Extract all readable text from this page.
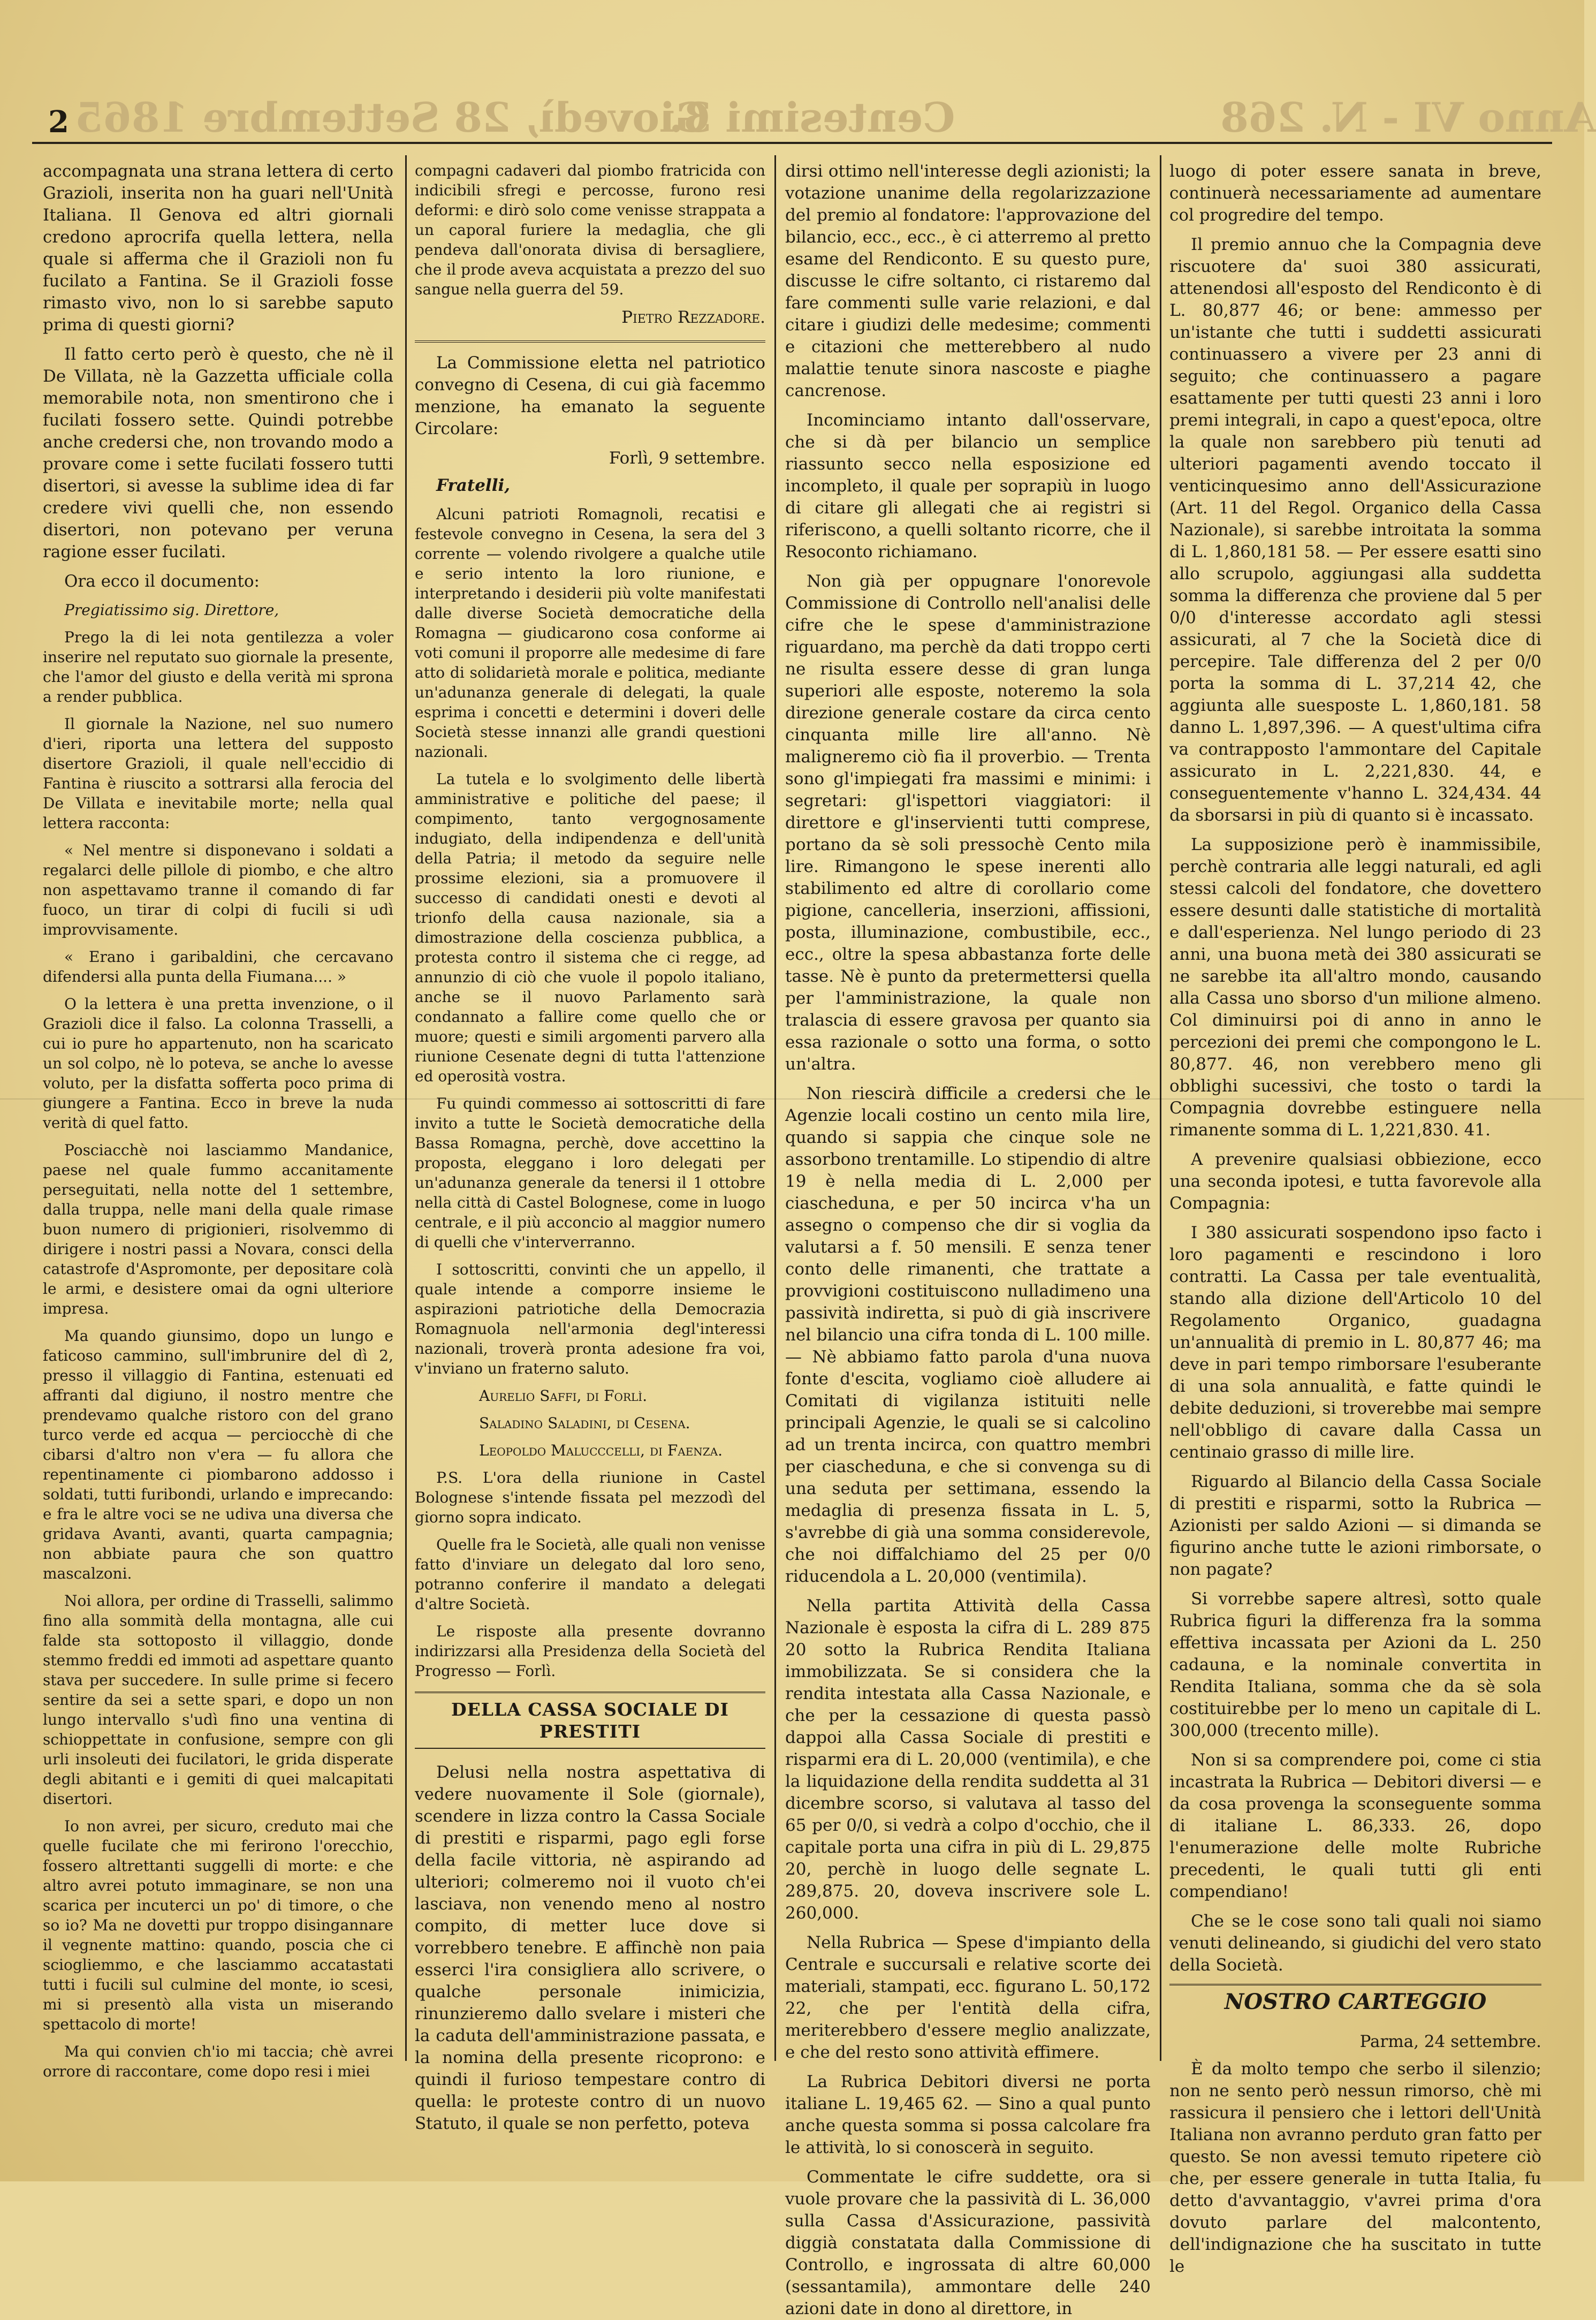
2	Anno VI - N. 268
Centesimi 3.
Giovedì, 28 Settembre 1865

accompagnata una strana lettera di certo Grazioli, inserita non ha guari nell'Unità Italiana. Il Genova ed altri giornali credono aprocrifa quella lettera, nella quale si afferma che il Grazioli non fu fucilato a Fantina. Se il Grazioli fosse rimasto vivo, non lo si sarebbe saputo prima di questi giorni?

Il fatto certo però è questo, che nè il De Villata, nè la Gazzetta ufficiale colla memorabile nota, non smentirono che i fucilati fossero sette. Quindi potrebbe anche credersi che, non trovando modo a provare come i sette fucilati fossero tutti disertori, si avesse la sublime idea di far credere vivi quelli che, non essendo disertori, non potevano per veruna ragione esser fucilati.

Ora ecco il documento:

Pregiatissimo sig. Direttore,

Prego la di lei nota gentilezza a voler inserire nel reputato suo giornale la presente, che l'amor del giusto e della verità mi sprona a render pubblica.

Il giornale la Nazione, nel suo numero d'ieri, riporta una lettera del supposto disertore Grazioli, il quale nell'eccidio di Fantina è riuscito a sottrarsi alla ferocia del De Villata e inevitabile morte; nella qual lettera racconta:

« Nel mentre si disponevano i soldati a regalarci delle pillole di piombo, e che altro non aspettavamo tranne il comando di far fuoco, un tirar di colpi di fucili si udì improvvisamente.

« Erano i garibaldini, che cercavano difendersi alla punta della Fiumana.... »

O la lettera è una pretta invenzione, o il Grazioli dice il falso. La colonna Trasselli, a cui io pure ho appartenuto, non ha scaricato un sol colpo, nè lo poteva, se anche lo avesse voluto, per la disfatta sofferta poco prima di giungere a Fantina. Ecco in breve la nuda verità di quel fatto.

Posciacchè noi lasciammo Mandanice, paese nel quale fummo accanitamente perseguitati, nella notte del 1 settembre, dalla truppa, nelle mani della quale rimase buon numero di prigionieri, risolvemmo di dirigere i nostri passi a Novara, consci della catastrofe d'Aspromonte, per depositare colà le armi, e desistere omai da ogni ulteriore impresa.

Ma quando giunsimo, dopo un lungo e faticoso cammino, sull'imbrunire del dì 2, presso il villaggio di Fantina, estenuati ed affranti dal digiuno, il nostro mentre che prendevamo qualche ristoro con del grano turco verde ed acqua — perciocchè di che cibarsi d'altro non v'era — fu allora che repentinamente ci piombarono addosso i soldati, tutti furibondi, urlando e imprecando: e fra le altre voci se ne udiva una diversa che gridava Avanti, avanti, quarta campagnia; non abbiate paura che son quattro mascalzoni.

Noi allora, per ordine di Trasselli, salimmo fino alla sommità della montagna, alle cui falde sta sottoposto il villaggio, donde stemmo freddi ed immoti ad aspettare quanto stava per succedere. In sulle prime si fecero sentire da sei a sette spari, e dopo un non lungo intervallo s'udì fino una ventina di schioppettate in confusione, sempre con gli urli insoleuti dei fucilatori, le grida disperate degli abitanti e i gemiti di quei malcapitati disertori.

Io non avrei, per sicuro, creduto mai che quelle fucilate che mi ferirono l'orecchio, fossero altrettanti suggelli di morte: e che altro avrei potuto immaginare, se non una scarica per incuterci un po' di timore, o che so io? Ma ne dovetti pur troppo disingannare il vegnente mattino: quando, poscia che ci sciogliemmo, e che lasciammo accatastati tutti i fucili sul culmine del monte, io scesi, mi si presentò alla vista un miserando spettacolo di morte!

Ma qui convien ch'io mi taccia; chè avrei orrore di raccontare, come dopo resi i miei

compagni cadaveri dal piombo fratricida con indicibili sfregi e percosse, furono resi deformi: e dirò solo come venisse strappata a un caporal furiere la medaglia, che gli pendeva dall'onorata divisa di bersagliere, che il prode aveva acquistata a prezzo del suo sangue nella guerra del 59.

Pietro Rezzadore.

La Commissione eletta nel patriotico convegno di Cesena, di cui già facemmo menzione, ha emanato la seguente Circolare:

Forlì, 9 settembre.

Fratelli,

Alcuni patrioti Romagnoli, recatisi e festevole convegno in Cesena, la sera del 3 corrente — volendo rivolgere a qualche utile e serio intento la loro riunione, e interpretando i desiderii più volte manifestati dalle diverse Società democratiche della Romagna — giudicarono cosa conforme ai voti comuni il proporre alle medesime di fare atto di solidarietà morale e politica, mediante un'adunanza generale di delegati, la quale esprima i concetti e determini i doveri delle Società stesse innanzi alle grandi questioni nazionali.

La tutela e lo svolgimento delle libertà amministrative e politiche del paese; il compimento, tanto vergognosamente indugiato, della indipendenza e dell'unità della Patria; il metodo da seguire nelle prossime elezioni, sia a promuovere il successo di candidati onesti e devoti al trionfo della causa nazionale, sia a dimostrazione della coscienza pubblica, a protesta contro il sistema che ci regge, ad annunzio di ciò che vuole il popolo italiano, anche se il nuovo Parlamento sarà condannato a fallire come quello che or muore; questi e simili argomenti parvero alla riunione Cesenate degni di tutta l'attenzione ed operosità vostra.

Fu quindi commesso ai sottoscritti di fare invito a tutte le Società democratiche della Bassa Romagna, perchè, dove accettino la proposta, eleggano i loro delegati per un'adunanza generale da tenersi il 1 ottobre nella città di Castel Bolognese, come in luogo centrale, e il più acconcio al maggior numero di quelli che v'interverranno.

I sottoscritti, convinti che un appello, il quale intende a comporre insieme le aspirazioni patriotiche della Democrazia Romagnuola nell'armonia degl'interessi nazionali, troverà pronta adesione fra voi, v'inviano un fraterno saluto.

Aurelio Saffi, di Forlì.

Saladino Saladini, di Cesena.

Leopoldo Malucccelli, di Faenza.

P.S. L'ora della riunione in Castel Bolognese s'intende fissata pel mezzodì del giorno sopra indicato.

Quelle fra le Società, alle quali non venisse fatto d'inviare un delegato dal loro seno, potranno conferire il mandato a delegati d'altre Società.

Le risposte alla presente dovranno indirizzarsi alla Presidenza della Società del Progresso — Forlì.

DELLA CASSA SOCIALE DI PRESTITI

Delusi nella nostra aspettativa di vedere nuovamente il Sole (giornale), scendere in lizza contro la Cassa Sociale di prestiti e risparmi, pago egli forse della facile vittoria, nè aspirando ad ulteriori; colmeremo noi il vuoto ch'ei lasciava, non venendo meno al nostro compito, di metter luce dove si vorrebbero tenebre. E affinchè non paia esserci l'ira consigliera allo scrivere, o qualche personale inimicizia, rinunzieremo dallo svelare i misteri che la caduta dell'amministrazione passata, e la nomina della presente ricoprono: e quindi il furioso tempestare contro di quella: le proteste contro di un nuovo Statuto, il quale se non perfetto, poteva

dirsi ottimo nell'interesse degli azionisti; la votazione unanime della regolarizzazione del premio al fondatore: l'approvazione del bilancio, ecc., ecc., è ci atterremo al pretto esame del Rendiconto. E su questo pure, discusse le cifre soltanto, ci ristaremo dal fare commenti sulle varie relazioni, e dal citare i giudizi delle medesime; commenti e citazioni che metterebbero al nudo malattie tenute sinora nascoste e piaghe cancrenose.

Incominciamo intanto dall'osservare, che si dà per bilancio un semplice riassunto secco nella esposizione ed incompleto, il quale per soprapiù in luogo di citare gli allegati che ai registri si riferiscono, a quelli soltanto ricorre, che il Resoconto richiamano.

Non già per oppugnare l'onorevole Commissione di Controllo nell'analisi delle cifre che le spese d'amministrazione riguardano, ma perchè da dati troppo certi ne risulta essere desse di gran lunga superiori alle esposte, noteremo la sola direzione generale costare da circa cento cinquanta mille lire all'anno. Nè maligneremo ciò fia il proverbio. — Trenta sono gl'impiegati fra massimi e minimi: i segretari: gl'ispettori viaggiatori: il direttore e gl'inservienti tutti comprese, portano da sè soli pressochè Cento mila lire. Rimangono le spese inerenti allo stabilimento ed altre di corollario come pigione, cancelleria, inserzioni, affissioni, posta, illuminazione, combustibile, ecc., ecc., oltre la spesa abbastanza forte delle tasse. Nè è punto da pretermettersi quella per l'amministrazione, la quale non tralascia di essere gravosa per quanto sia essa razionale o sotto una forma, o sotto un'altra.

Non riescirà difficile a credersi che le Agenzie locali costino un cento mila lire, quando si sappia che cinque sole ne assorbono trentamille. Lo stipendio di altre 19 è nella media di L. 2,000 per ciascheduna, e per 50 incirca v'ha un assegno o compenso che dir si voglia da valutarsi a f. 50 mensili. E senza tener conto delle rimanenti, che trattate a provvigioni costituiscono nulladimeno una passività indiretta, si può di già inscrivere nel bilancio una cifra tonda di L. 100 mille. — Nè abbiamo fatto parola d'una nuova fonte d'escita, vogliamo cioè alludere ai Comitati di vigilanza istituiti nelle principali Agenzie, le quali se si calcolino ad un trenta incirca, con quattro membri per ciascheduna, e che si convenga su di una seduta per settimana, essendo la medaglia di presenza fissata in L. 5, s'avrebbe di già una somma considerevole, che noi diffalchiamo del 25 per 0/0 riducendola a L. 20,000 (ventimila).

Nella partita Attività della Cassa Nazionale è esposta la cifra di L. 289 875 20 sotto la Rubrica Rendita Italiana immobilizzata. Se si considera che la rendita intestata alla Cassa Nazionale, e che per la cessazione di questa passò dappoi alla Cassa Sociale di prestiti e risparmi era di L. 20,000 (ventimila), e che la liquidazione della rendita suddetta al 31 dicembre scorso, si valutava al tasso del 65 per 0/0, si vedrà a colpo d'occhio, che il capitale porta una cifra in più di L. 29,875 20, perchè in luogo delle segnate L. 289,875. 20, doveva inscrivere sole L. 260,000.

Nella Rubrica — Spese d'impianto della Centrale e succursali e relative scorte dei materiali, stampati, ecc. figurano L. 50,172 22, che per l'entità della cifra, meriterebbero d'essere meglio analizzate, e che del resto sono attività effimere.

La Rubrica Debitori diversi ne porta italiane L. 19,465 62. — Sino a qual punto anche questa somma si possa calcolare fra le attività, lo si conoscerà in seguito.

Commentate le cifre suddette, ora si vuole provare che la passività di L. 36,000 sulla Cassa d'Assicurazione, passività diggià constatata dalla Commissione di Controllo, e ingrossata di altre 60,000 (sessantamila), ammontare delle 240 azioni date in dono al direttore, in

luogo di poter essere sanata in breve, continuerà necessariamente ad aumentare col progredire del tempo.

Il premio annuo che la Compagnia deve riscuotere da' suoi 380 assicurati, attenendosi all'esposto del Rendiconto è di L. 80,877 46; or bene: ammesso per un'istante che tutti i suddetti assicurati continuassero a vivere per 23 anni di seguito; che continuassero a pagare esattamente per tutti questi 23 anni i loro premi integrali, in capo a quest'epoca, oltre la quale non sarebbero più tenuti ad ulteriori pagamenti avendo toccato il venticinquesimo anno dell'Assicurazione (Art. 11 del Regol. Organico della Cassa Nazionale), si sarebbe introitata la somma di L. 1,860,181 58. — Per essere esatti sino allo scrupolo, aggiungasi alla suddetta somma la differenza che proviene dal 5 per 0/0 d'interesse accordato agli stessi assicurati, al 7 che la Società dice di percepire. Tale differenza del 2 per 0/0 porta la somma di L. 37,214 42, che aggiunta alle suesposte L. 1,860,181. 58 danno L. 1,897,396. — A quest'ultima cifra va contrapposto l'ammontare del Capitale assicurato in L. 2,221,830. 44, e conseguentemente v'hanno L. 324,434. 44 da sborsarsi in più di quanto si è incassato.

La supposizione però è inammissibile, perchè contraria alle leggi naturali, ed agli stessi calcoli del fondatore, che dovettero essere desunti dalle statistiche di mortalità e dall'esperienza. Nel lungo periodo di 23 anni, una buona metà dei 380 assicurati se ne sarebbe ita all'altro mondo, causando alla Cassa uno sborso d'un milione almeno. Col diminuirsi poi di anno in anno le percezioni dei premi che compongono le L. 80,877. 46, non verebbero meno gli obblighi sucessivi, che tosto o tardi la Compagnia dovrebbe estinguere nella rimanente somma di L. 1,221,830. 41.

A prevenire qualsiasi obbiezione, ecco una seconda ipotesi, e tutta favorevole alla Compagnia:

I 380 assicurati sospendono ipso facto i loro pagamenti e rescindono i loro contratti. La Cassa per tale eventualità, stando alla dizione dell'Articolo 10 del Regolamento Organico, guadagna un'annualità di premio in L. 80,877 46; ma deve in pari tempo rimborsare l'esuberante di una sola annualità, e fatte quindi le debite deduzioni, si troverebbe mai sempre nell'obbligo di cavare dalla Cassa un centinaio grasso di mille lire.

Riguardo al Bilancio della Cassa Sociale di prestiti e risparmi, sotto la Rubrica — Azionisti per saldo Azioni — si dimanda se figurino anche tutte le azioni rimborsate, o non pagate?

Si vorrebbe sapere altresì, sotto quale Rubrica figuri la differenza fra la somma effettiva incassata per Azioni da L. 250 cadauna, e la nominale convertita in Rendita Italiana, somma che da sè sola costituirebbe per lo meno un capitale di L. 300,000 (trecento mille).

Non si sa comprendere poi, come ci stia incastrata la Rubrica — Debitori diversi — e da cosa provenga la sconseguente somma di italiane L. 86,333. 26, dopo l'enumerazione delle molte Rubriche precedenti, le quali tutti gli enti compendiano!

Che se le cose sono tali quali noi siamo venuti delineando, si giudichi del vero stato della Società.

NOSTRO CARTEGGIO
Parma, 24 settembre.

È da molto tempo che serbo il silenzio; non ne sento però nessun rimorso, chè mi rassicura il pensiero che i lettori dell'Unità Italiana non avranno perduto gran fatto per questo. Se non avessi temuto ripetere ciò che, per essere generale in tutta Italia, fu detto d'avvantaggio, v'avrei prima d'ora dovuto parlare del malcontento, dell'indignazione che ha suscitato in tutte le
